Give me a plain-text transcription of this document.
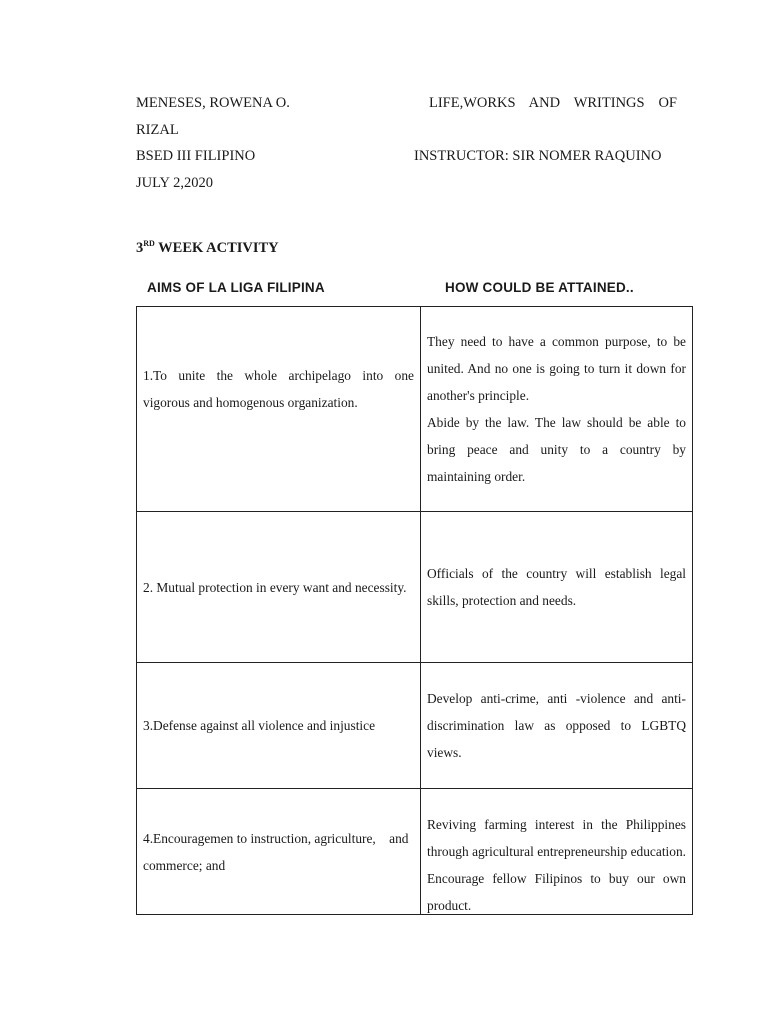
MENESES, ROWENA O.	LIFE,WORKS AND WRITINGS OF
RIZAL
BSED III FILIPINO	INSTRUCTOR: SIR NOMER RAQUINO
JULY 2,2020
3RD WEEK ACTIVITY
AIMS OF LA LIGA FILIPINA	HOW COULD BE ATTAINED..

1.To unite the whole archipelago into one vigorous and homogenous organization.	They need to have a common purpose, to be united. And no one is going to turn it down for another's principle.

Abide by the law. The law should be able to bring peace and unity to a country by maintaining order.

2. Mutual protection in every want and necessity.	Officials of the country will establish legal skills, protection and needs.

3.Defense against all violence and injustice	Develop anti-crime, anti -violence and anti- discrimination law as opposed to LGBTQ views.

4.Encouragemen to instruction, agriculture,    and commerce; and	Reviving farming interest in the Philippines through agricultural entrepreneurship education. Encourage fellow Filipinos to buy our own product.
